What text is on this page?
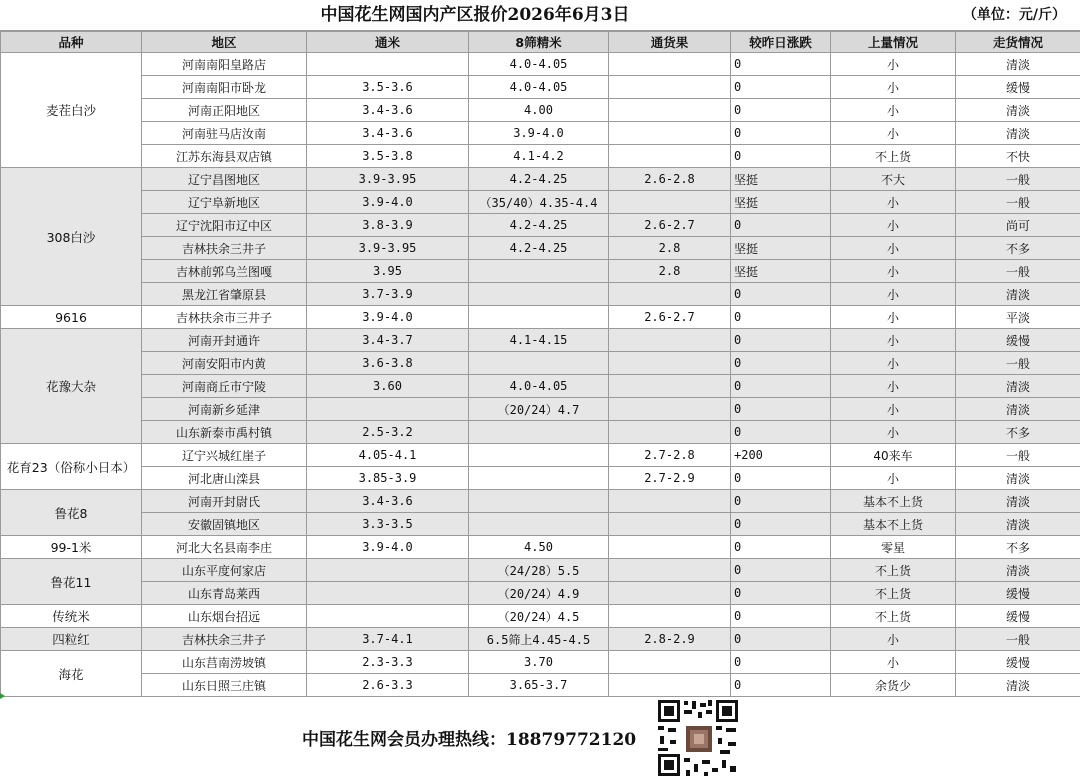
中国花生网国内产区报价2026年6月3日	（单位：元/斤）
品种	地区	通米	8筛精米	通货果	较昨日涨跌	上量情况	走货情况
麦茬白沙	河南南阳皇路店		4.0-4.05		0	小	清淡
	河南南阳市卧龙	3.5-3.6	4.0-4.05		0	小	缓慢
	河南正阳地区	3.4-3.6	4.00		0	小	清淡
	河南驻马店汝南	3.4-3.6	3.9-4.0		0	小	清淡
	江苏东海县双店镇	3.5-3.8	4.1-4.2		0	不上货	不快
308白沙	辽宁昌图地区	3.9-3.95	4.2-4.25	2.6-2.8	坚挺	不大	一般
	辽宁阜新地区	3.9-4.0	（35/40）4.35-4.4		坚挺	小	一般
	辽宁沈阳市辽中区	3.8-3.9	4.2-4.25	2.6-2.7	0	小	尚可
	吉林扶余三井子	3.9-3.95	4.2-4.25	2.8	坚挺	小	不多
	吉林前郭乌兰图嘎	3.95		2.8	坚挺	小	一般
	黑龙江省肇原县	3.7-3.9			0	小	清淡
9616	吉林扶余市三井子	3.9-4.0		2.6-2.7	0	小	平淡
花豫大杂	河南开封通许	3.4-3.7	4.1-4.15		0	小	缓慢
	河南安阳市内黄	3.6-3.8			0	小	一般
	河南商丘市宁陵	3.60	4.0-4.05		0	小	清淡
	河南新乡延津		（20/24）4.7		0	小	清淡
	山东新泰市禹村镇	2.5-3.2			0	小	不多
花育23（俗称小日本）	辽宁兴城红崖子	4.05-4.1		2.7-2.8	+200	40来车	一般
	河北唐山滦县	3.85-3.9		2.7-2.9	0	小	清淡
鲁花8	河南开封尉氏	3.4-3.6			0	基本不上货	清淡
	安徽固镇地区	3.3-3.5			0	基本不上货	清淡
99-1米	河北大名县南李庄	3.9-4.0	4.50		0	零星	不多
鲁花11	山东平度何家店		（24/28）5.5		0	不上货	清淡
	山东青岛莱西		（20/24）4.9		0	不上货	缓慢
传统米	山东烟台招远		（20/24）4.5		0	不上货	缓慢
四粒红	吉林扶余三井子	3.7-4.1	6.5筛上4.45-4.5	2.8-2.9	0	小	一般
海花	山东莒南涝坡镇	2.3-3.3	3.70		0	小	缓慢
	山东日照三庄镇	2.6-3.3	3.65-3.7		0	余货少	清淡
中国花生网会员办理热线：18879772120
